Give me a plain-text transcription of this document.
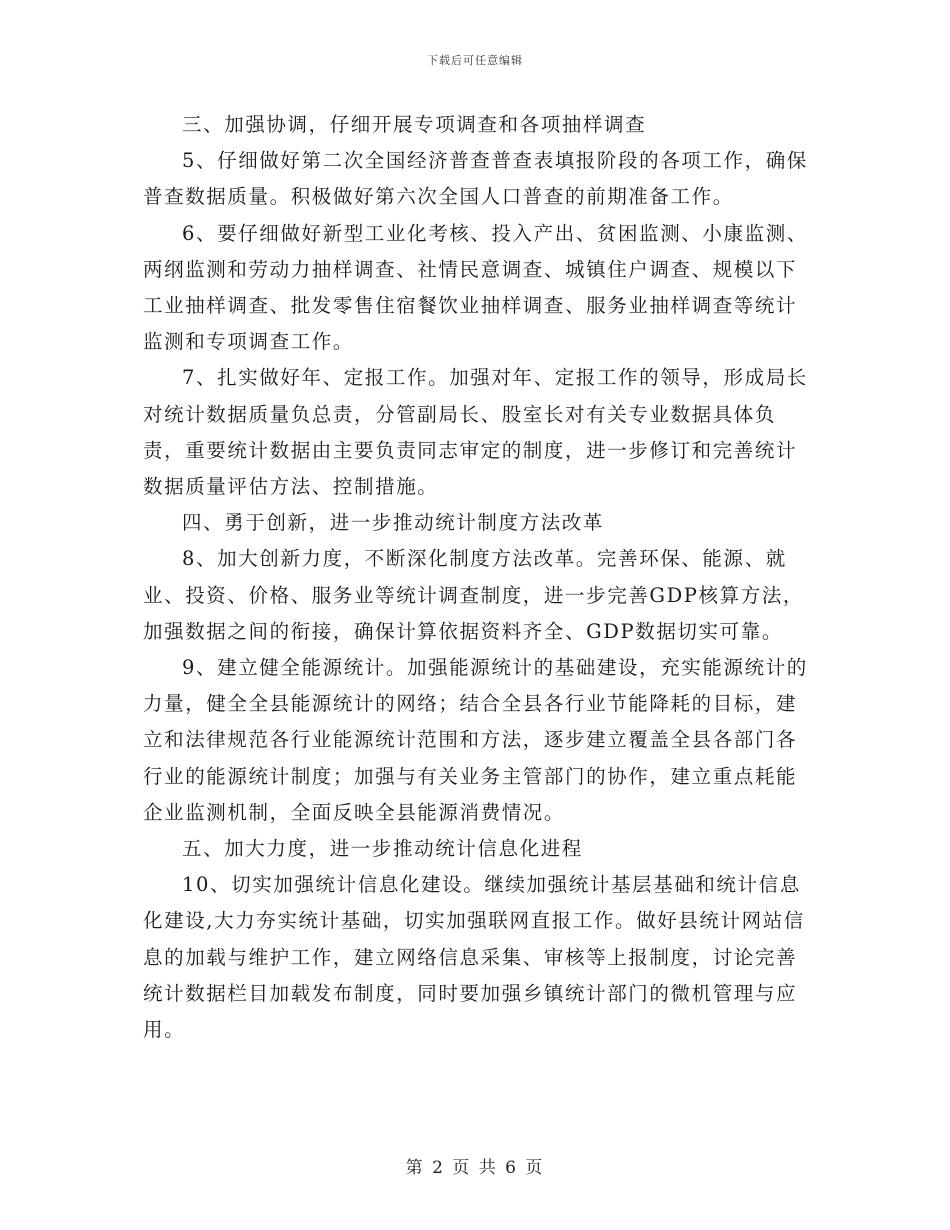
下载后可任意编辑

三、加强协调，仔细开展专项调查和各项抽样调查

5、仔细做好第二次全国经济普查普查表填报阶段的各项工作，确保普查数据质量。积极做好第六次全国人口普查的前期准备工作。

6、要仔细做好新型工业化考核、投入产出、贫困监测、小康监测、两纲监测和劳动力抽样调查、社情民意调查、城镇住户调查、规模以下工业抽样调查、批发零售住宿餐饮业抽样调查、服务业抽样调查等统计监测和专项调查工作。

7、扎实做好年、定报工作。加强对年、定报工作的领导，形成局长对统计数据质量负总责，分管副局长、股室长对有关专业数据具体负责，重要统计数据由主要负责同志审定的制度，进一步修订和完善统计数据质量评估方法、控制措施。

四、勇于创新，进一步推动统计制度方法改革

8、加大创新力度，不断深化制度方法改革。完善环保、能源、就业、投资、价格、服务业等统计调查制度，进一步完善GDP核算方法，加强数据之间的衔接，确保计算依据资料齐全、GDP数据切实可靠。

9、建立健全能源统计。加强能源统计的基础建设，充实能源统计的力量，健全全县能源统计的网络；结合全县各行业节能降耗的目标，建立和法律规范各行业能源统计范围和方法，逐步建立覆盖全县各部门各行业的能源统计制度；加强与有关业务主管部门的协作，建立重点耗能企业监测机制，全面反映全县能源消费情况。

五、加大力度，进一步推动统计信息化进程

10、切实加强统计信息化建设。继续加强统计基层基础和统计信息化建设,大力夯实统计基础，切实加强联网直报工作。做好县统计网站信息的加载与维护工作，建立网络信息采集、审核等上报制度，讨论完善统计数据栏目加载发布制度，同时要加强乡镇统计部门的微机管理与应用。

第 2 页 共 6 页
